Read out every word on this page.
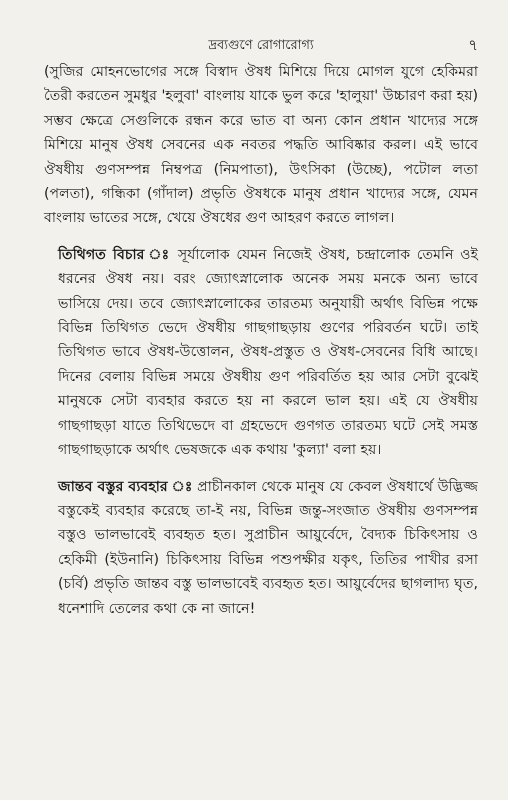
দ্রব্যগুণে রোগারোগ্য	৭

(সুজির মোহনভোগের সঙ্গে বিস্বাদ ঔষধ মিশিয়ে দিয়ে মোগল যুগে হেকিমরা তৈরী করতেন সুমধুর 'হলুবা' বাংলায় যাকে ভুল করে 'হালুয়া' উচ্চারণ করা হয়) সম্ভব ক্ষেত্রে সেগুলিকে রন্ধন করে ভাত বা অন্য কোন প্রধান খাদ্যের সঙ্গে মিশিয়ে মানুষ ঔষধ সেবনের এক নবতর পদ্ধতি আবিষ্কার করল। এই ভাবে ঔষধীয় গুণসম্পন্ন নিম্বপত্র (নিমপাতা), উৎসিকা (উচ্ছে), পটোল লতা (পলতা), গন্ধিকা (গাঁদাল) প্রভৃতি ঔষধকে মানুষ প্রধান খাদ্যের সঙ্গে, যেমন বাংলায় ভাতের সঙ্গে, খেয়ে ঔষধের গুণ আহরণ করতে লাগল।

তিথিগত বিচার ঃ সূর্যালোক যেমন নিজেই ঔষধ, চন্দ্রালোক তেমনি ওই ধরনের ঔষধ নয়। বরং জ্যোৎস্নালোক অনেক সময় মনকে অন্য ভাবে ভাসিয়ে দেয়। তবে জ্যোৎস্নালোকের তারতম্য অনুযায়ী অর্থাৎ বিভিন্ন পক্ষে বিভিন্ন তিথিগত ভেদে ঔষধীয় গাছগাছড়ায় গুণের পরিবর্তন ঘটে। তাই তিথিগত ভাবে ঔষধ-উত্তোলন, ঔষধ-প্রস্তুত ও ঔষধ-সেবনের বিধি আছে। দিনের বেলায় বিভিন্ন সময়ে ঔষধীয় গুণ পরিবর্তিত হয় আর সেটা বুঝেই মানুষকে সেটা ব্যবহার করতে হয় না করলে ভাল হয়। এই যে ঔষধীয় গাছগাছড়া যাতে তিথিভেদে বা গ্রহভেদে গুণগত তারতম্য ঘটে সেই সমস্ত গাছগাছড়াকে অর্থাৎ ভেষজকে এক কথায় 'কুল্যা' বলা হয়।

জান্তব বস্তুর ব্যবহার ঃ প্রাচীনকাল থেকে মানুষ যে কেবল ঔষধার্থে উদ্ভিজ্জ বস্তুকেই ব্যবহার করেছে তা-ই নয়, বিভিন্ন জন্তু-সংজাত ঔষধীয় গুণসম্পন্ন বস্তুও ভালভাবেই ব্যবহৃত হত। সুপ্রাচীন আয়ুর্বেদে, বৈদ্যক চিকিৎসায় ও হেকিমী (ইউনানি) চিকিৎসায় বিভিন্ন পশুপক্ষীর যকৃৎ, তিতির পাখীর রসা (চর্বি) প্রভৃতি জান্তব বস্তু ভালভাবেই ব্যবহৃত হত। আয়ুর্বেদের ছাগলাদ্য ঘৃত, ধনেশাদি তেলের কথা কে না জানে!
